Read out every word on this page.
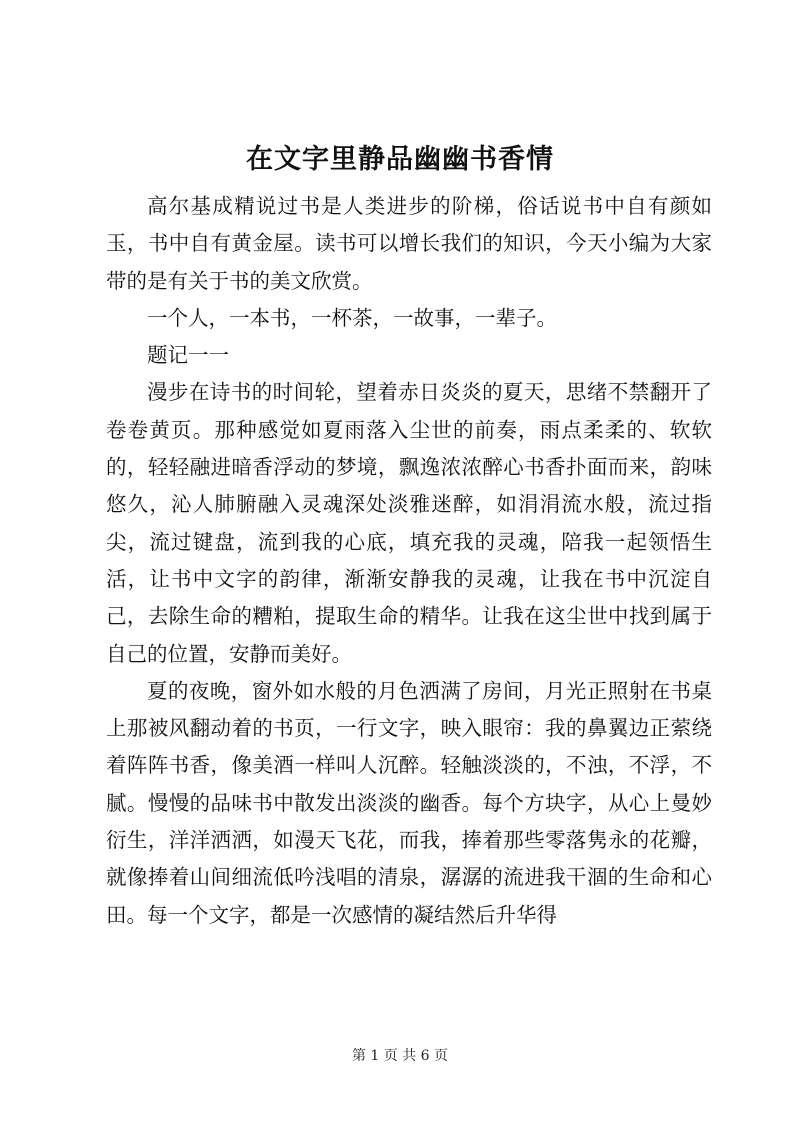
在文字里静品幽幽书香情

高尔基成精说过书是人类进步的阶梯，俗话说书中自有颜如玉，书中自有黄金屋。读书可以增长我们的知识，今天小编为大家带的是有关于书的美文欣赏。

一个人，一本书，一杯茶，一故事，一辈子。

题记一一

漫步在诗书的时间轮，望着赤日炎炎的夏天，思绪不禁翻开了卷卷黄页。那种感觉如夏雨落入尘世的前奏，雨点柔柔的、软软的，轻轻融进暗香浮动的梦境，飘逸浓浓醉心书香扑面而来，韵味悠久，沁人肺腑融入灵魂深处淡雅迷醉，如涓涓流水般，流过指尖，流过键盘，流到我的心底，填充我的灵魂，陪我一起领悟生活，让书中文字的韵律，渐渐安静我的灵魂，让我在书中沉淀自己，去除生命的糟粕，提取生命的精华。让我在这尘世中找到属于自己的位置，安静而美好。

夏的夜晚，窗外如水般的月色洒满了房间，月光正照射在书桌上那被风翻动着的书页，一行文字，映入眼帘：我的鼻翼边正萦绕着阵阵书香，像美酒一样叫人沉醉。轻触淡淡的，不浊，不浮，不腻。慢慢的品味书中散发出淡淡的幽香。每个方块字，从心上曼妙衍生，洋洋洒洒，如漫天飞花，而我，捧着那些零落隽永的花瓣，就像捧着山间细流低吟浅唱的清泉，潺潺的流进我干涸的生命和心田。每一个文字，都是一次感情的凝结然后升华得

第 1 页 共 6 页
